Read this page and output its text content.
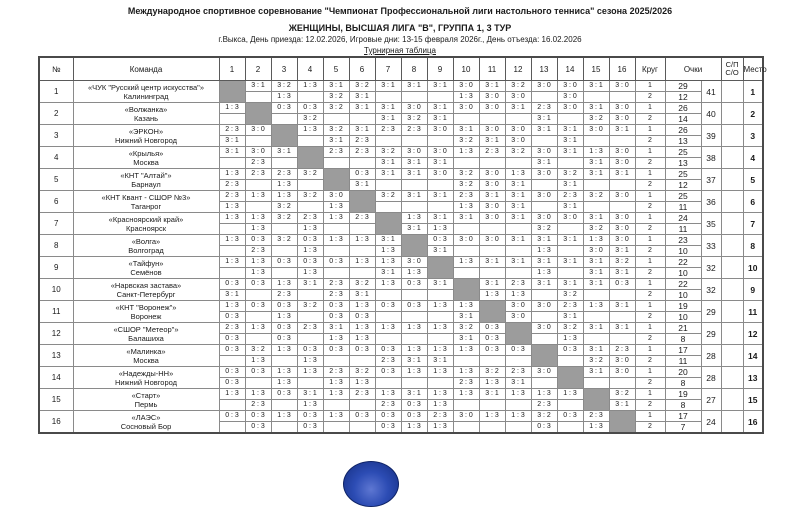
Международное спортивное соревнование "Чемпионат Профессиональной лиги настольного тенниса" сезона 2025/2026
ЖЕНЩИНЫ, ВЫСШАЯ ЛИГА "В", ГРУППА 1, 3 ТУР
г.Выкса, День приезда: 12.02.2026, Игровые дни: 13-15 февраля 2026г., День отъезда: 16.02.2026
Турнирная таблица
№	Команда	1	2	3	4	5	6	7	8	9	10	11	12	13	14	15	16	Круг	Очки		С/П
С/О	Место
1	«ЧУК "Русский центр искусства"»
Калининград		3 : 1	3 : 2	1 : 3	3 : 1	3 : 2	3 : 1	3 : 1	3 : 1	3 : 0	3 : 1	3 : 2	3 : 0	3 : 0	3 : 1	3 : 0	1	29	41		1
				1 : 3		3 : 2	3 : 1				1 : 3	3 : 0	3 : 0		3 : 0			2	12			
2	«Волжанка»
Казань	1 : 3		0 : 3	0 : 3	3 : 2	3 : 1	3 : 1	3 : 0	3 : 1	3 : 0	3 : 0	3 : 1	2 : 3	3 : 0	3 : 1	3 : 0	1	26	40		2
					3 : 2			3 : 1	3 : 2	3 : 1				3 : 1		3 : 2	3 : 0	2	14			
3	«ЭРКОН»
Нижний Новгород	2 : 3	3 : 0		1 : 3	3 : 2	3 : 1	2 : 3	2 : 3	3 : 0	3 : 1	3 : 0	3 : 0	3 : 1	3 : 1	3 : 0	3 : 1	1	26	39		3
		3 : 1				3 : 1	2 : 3				3 : 2	3 : 1	3 : 0		3 : 1			2	13			
4	«Крылья»
Москва	3 : 1	3 : 0	3 : 1		2 : 3	2 : 3	3 : 2	3 : 0	3 : 0	1 : 3	2 : 3	3 : 2	3 : 0	3 : 1	1 : 3	3 : 0	1	25	38		4
			2 : 3					3 : 1	3 : 1	3 : 1				3 : 1		3 : 1	3 : 0	2	13			
5	«КНТ "Алтай"»
Барнаул	1 : 3	2 : 3	2 : 3	3 : 2		0 : 3	3 : 1	3 : 1	3 : 0	3 : 2	3 : 0	1 : 3	3 : 0	3 : 2	3 : 1	3 : 1	1	25	37		5
		2 : 3		1 : 3			3 : 1				3 : 2	3 : 0	3 : 1		3 : 1			2	12			
6	«КНТ Квант - СШОР №3»
Таганрог	2 : 3	1 : 3	1 : 3	3 : 2	3 : 0		3 : 2	3 : 1	3 : 1	2 : 3	3 : 1	3 : 1	3 : 0	2 : 3	3 : 2	3 : 0	1	25	36		6
		1 : 3		3 : 2		1 : 3					1 : 3	3 : 0	3 : 1		3 : 1			2	11			
7	«Красноярский край»
Красноярск	1 : 3	1 : 3	3 : 2	2 : 3	1 : 3	2 : 3		1 : 3	3 : 1	3 : 1	3 : 0	3 : 1	3 : 0	3 : 0	3 : 1	3 : 0	1	24	35		7
			1 : 3		1 : 3				3 : 1	1 : 3				3 : 2		3 : 2	3 : 0	2	11			
8	«Волга»
Волгоград	1 : 3	0 : 3	3 : 2	0 : 3	1 : 3	1 : 3	3 : 1		0 : 3	3 : 0	3 : 0	3 : 1	3 : 1	3 : 1	1 : 3	3 : 0	1	23	33		8
			2 : 3		1 : 3			1 : 3		3 : 1				1 : 3		3 : 0	3 : 1	2	10			
9	«Тайфун»
Семёнов	1 : 3	1 : 3	0 : 3	0 : 3	0 : 3	1 : 3	1 : 3	3 : 0		1 : 3	3 : 1	3 : 1	3 : 1	3 : 1	3 : 1	3 : 2	1	22	32		10
			1 : 3		1 : 3			3 : 1	1 : 3					1 : 3		3 : 1	3 : 1	2	10			
10	«Нарвская застава»
Санкт-Петербург	0 : 3	0 : 3	1 : 3	3 : 1	2 : 3	3 : 2	1 : 3	0 : 3	3 : 1		3 : 1	2 : 3	3 : 1	3 : 1	3 : 1	0 : 3	1	22	32		9
		3 : 1		2 : 3		2 : 3	3 : 1					1 : 3	1 : 3		3 : 2			2	10			
11	«КНТ "Воронеж"»
Воронеж	1 : 3	0 : 3	0 : 3	3 : 2	0 : 3	1 : 3	0 : 3	0 : 3	1 : 3	1 : 3		3 : 0	3 : 0	2 : 3	1 : 3	3 : 1	1	19	29		11
		0 : 3		1 : 3		0 : 3	0 : 3				3 : 1		3 : 0		3 : 1			2	10			
12	«СШОР "Метеор"»
Балашиха	2 : 3	1 : 3	0 : 3	2 : 3	3 : 1	1 : 3	1 : 3	1 : 3	1 : 3	3 : 2	0 : 3		3 : 0	3 : 2	3 : 1	3 : 1	1	21	29		12
		0 : 3		0 : 3		1 : 3	1 : 3				3 : 1	0 : 3			1 : 3			2	8			
13	«Малинка»
Москва	0 : 3	3 : 2	1 : 3	0 : 3	0 : 3	0 : 3	0 : 3	1 : 3	1 : 3	1 : 3	0 : 3	0 : 3		0 : 3	3 : 1	2 : 3	1	17	28		14
			1 : 3		1 : 3			2 : 3	3 : 1	3 : 1						3 : 2	3 : 0	2	11			
14	«Надежды-НН»
Нижний Новгород	0 : 3	0 : 3	1 : 3	1 : 3	2 : 3	3 : 2	0 : 3	1 : 3	1 : 3	1 : 3	3 : 2	2 : 3	3 : 0		3 : 1	3 : 0	1	20	28		13
		0 : 3		1 : 3		1 : 3	1 : 3				2 : 3	1 : 3	3 : 1					2	8			
15	«Старт»
Пермь	1 : 3	1 : 3	0 : 3	3 : 1	1 : 3	2 : 3	1 : 3	3 : 1	1 : 3	1 : 3	3 : 1	1 : 3	1 : 3	1 : 3		3 : 2	1	19	27		15
			2 : 3		1 : 3			2 : 3	0 : 3	1 : 3				2 : 3			3 : 1	2	8			
16	«ЛАЭС»
Сосновый Бор	0 : 3	0 : 3	1 : 3	0 : 3	1 : 3	0 : 3	0 : 3	0 : 3	2 : 3	3 : 0	1 : 3	1 : 3	3 : 2	0 : 3	2 : 3		1	17	24		16
			0 : 3		0 : 3			0 : 3	1 : 3	1 : 3				0 : 3		1 : 3		2	7			
